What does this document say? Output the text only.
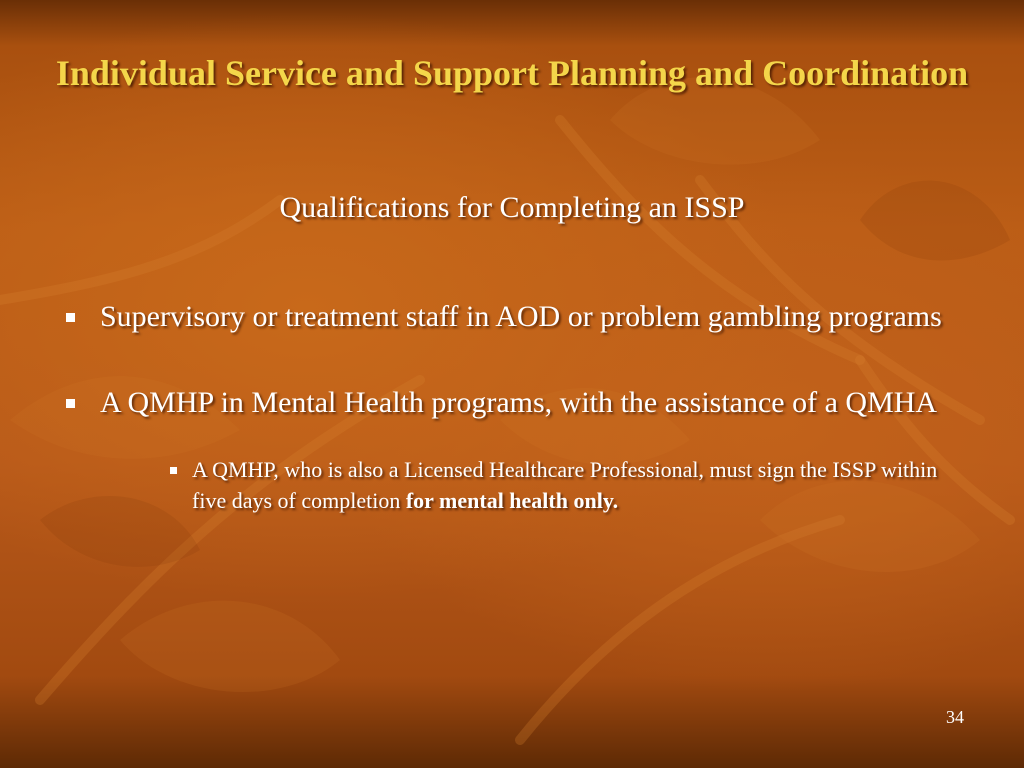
Individual Service and Support Planning and Coordination
Qualifications for Completing an ISSP
Supervisory or treatment staff in AOD or problem gambling programs
A QMHP in Mental Health programs, with the assistance of a QMHA
A QMHP, who is also a Licensed Healthcare Professional, must sign the ISSP within five days of completion for mental health only.
34
